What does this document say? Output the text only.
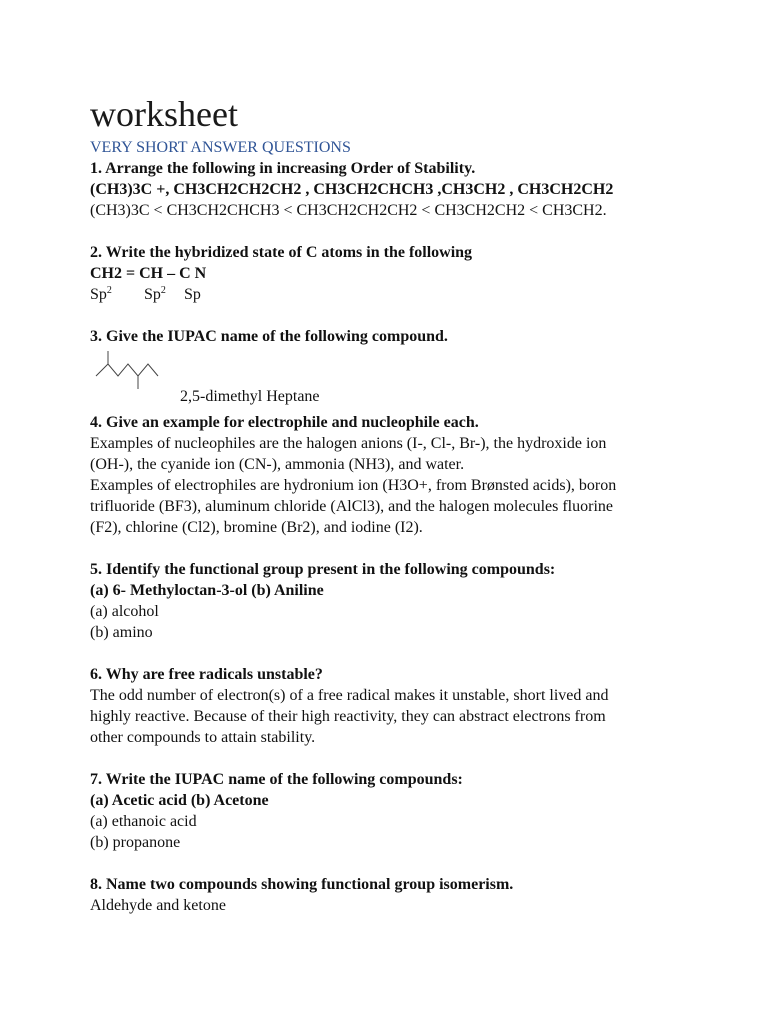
worksheet
VERY SHORT ANSWER QUESTIONS
1. Arrange the following in increasing Order of Stability.
(CH3)3C +, CH3CH2CH2CH2 , CH3CH2CHCH3 ,CH3CH2 , CH3CH2CH2
(CH3)3C < CH3CH2CHCH3 < CH3CH2CH2CH2 < CH3CH2CH2 < CH3CH2.
2. Write the hybridized state of C atoms in the following
CH2 = CH – C N
Sp$^2$ Sp$^2$ Sp
3. Give the IUPAC name of the following compound.
2,5-dimethyl Heptane
4. Give an example for electrophile and nucleophile each.
Examples of nucleophiles are the halogen anions (I-, Cl-, Br-), the hydroxide ion
(OH-), the cyanide ion (CN-), ammonia (NH3), and water.
Examples of electrophiles are hydronium ion (H3O+, from Brønsted acids), boron
trifluoride (BF3), aluminum chloride (AlCl3), and the halogen molecules fluorine
(F2), chlorine (Cl2), bromine (Br2), and iodine (I2).
5. Identify the functional group present in the following compounds:
(a) 6- Methyloctan-3-ol (b) Aniline
(a) alcohol
(b) amino
6. Why are free radicals unstable?
The odd number of electron(s) of a free radical makes it unstable, short lived and
highly reactive. Because of their high reactivity, they can abstract electrons from
other compounds to attain stability.
7. Write the IUPAC name of the following compounds:
(a) Acetic acid (b) Acetone
(a) ethanoic acid
(b) propanone
8. Name two compounds showing functional group isomerism.
Aldehyde and ketone
